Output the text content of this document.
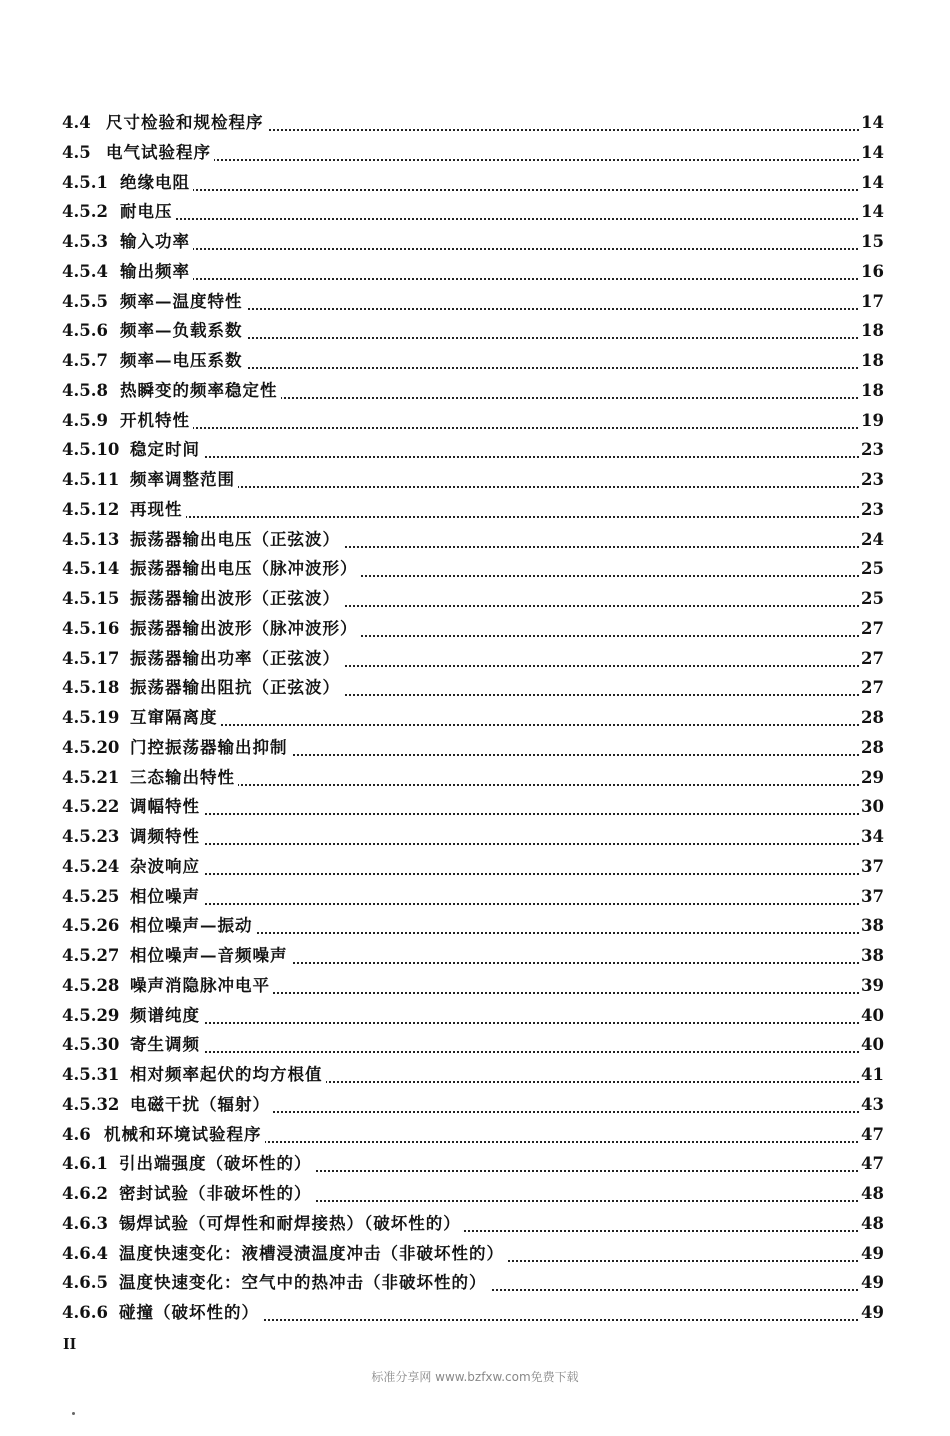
4.4 尺寸检验和规检程序	14
4.5 电气试验程序	14
4.5.1 绝缘电阻	14
4.5.2 耐电压	14
4.5.3 输入功率	15
4.5.4 输出频率	16
4.5.5 频率—温度特性	17
4.5.6 频率—负载系数	18
4.5.7 频率—电压系数	18
4.5.8 热瞬变的频率稳定性	18
4.5.9 开机特性	19
4.5.10 稳定时间	23
4.5.11 频率调整范围	23
4.5.12 再现性	23
4.5.13 振荡器输出电压（正弦波）	24
4.5.14 振荡器输出电压（脉冲波形）	25
4.5.15 振荡器输出波形（正弦波）	25
4.5.16 振荡器输出波形（脉冲波形）	27
4.5.17 振荡器输出功率（正弦波）	27
4.5.18 振荡器输出阻抗（正弦波）	27
4.5.19 互窜隔离度	28
4.5.20 门控振荡器输出抑制	28
4.5.21 三态输出特性	29
4.5.22 调幅特性	30
4.5.23 调频特性	34
4.5.24 杂波响应	37
4.5.25 相位噪声	37
4.5.26 相位噪声—振动	38
4.5.27 相位噪声—音频噪声	38
4.5.28 噪声消隐脉冲电平	39
4.5.29 频谱纯度	40
4.5.30 寄生调频	40
4.5.31 相对频率起伏的均方根值	41
4.5.32 电磁干扰（辐射）	43
4.6 机械和环境试验程序	47
4.6.1 引出端强度（破坏性的）	47
4.6.2 密封试验（非破坏性的）	48
4.6.3 锡焊试验（可焊性和耐焊接热）（破坏性的）	48
4.6.4 温度快速变化：液槽浸渍温度冲击（非破坏性的）	49
4.6.5 温度快速变化：空气中的热冲击（非破坏性的）	49
4.6.6 碰撞（破坏性的）	49
II
标准分享网 www.bzfxw.com免费下载
